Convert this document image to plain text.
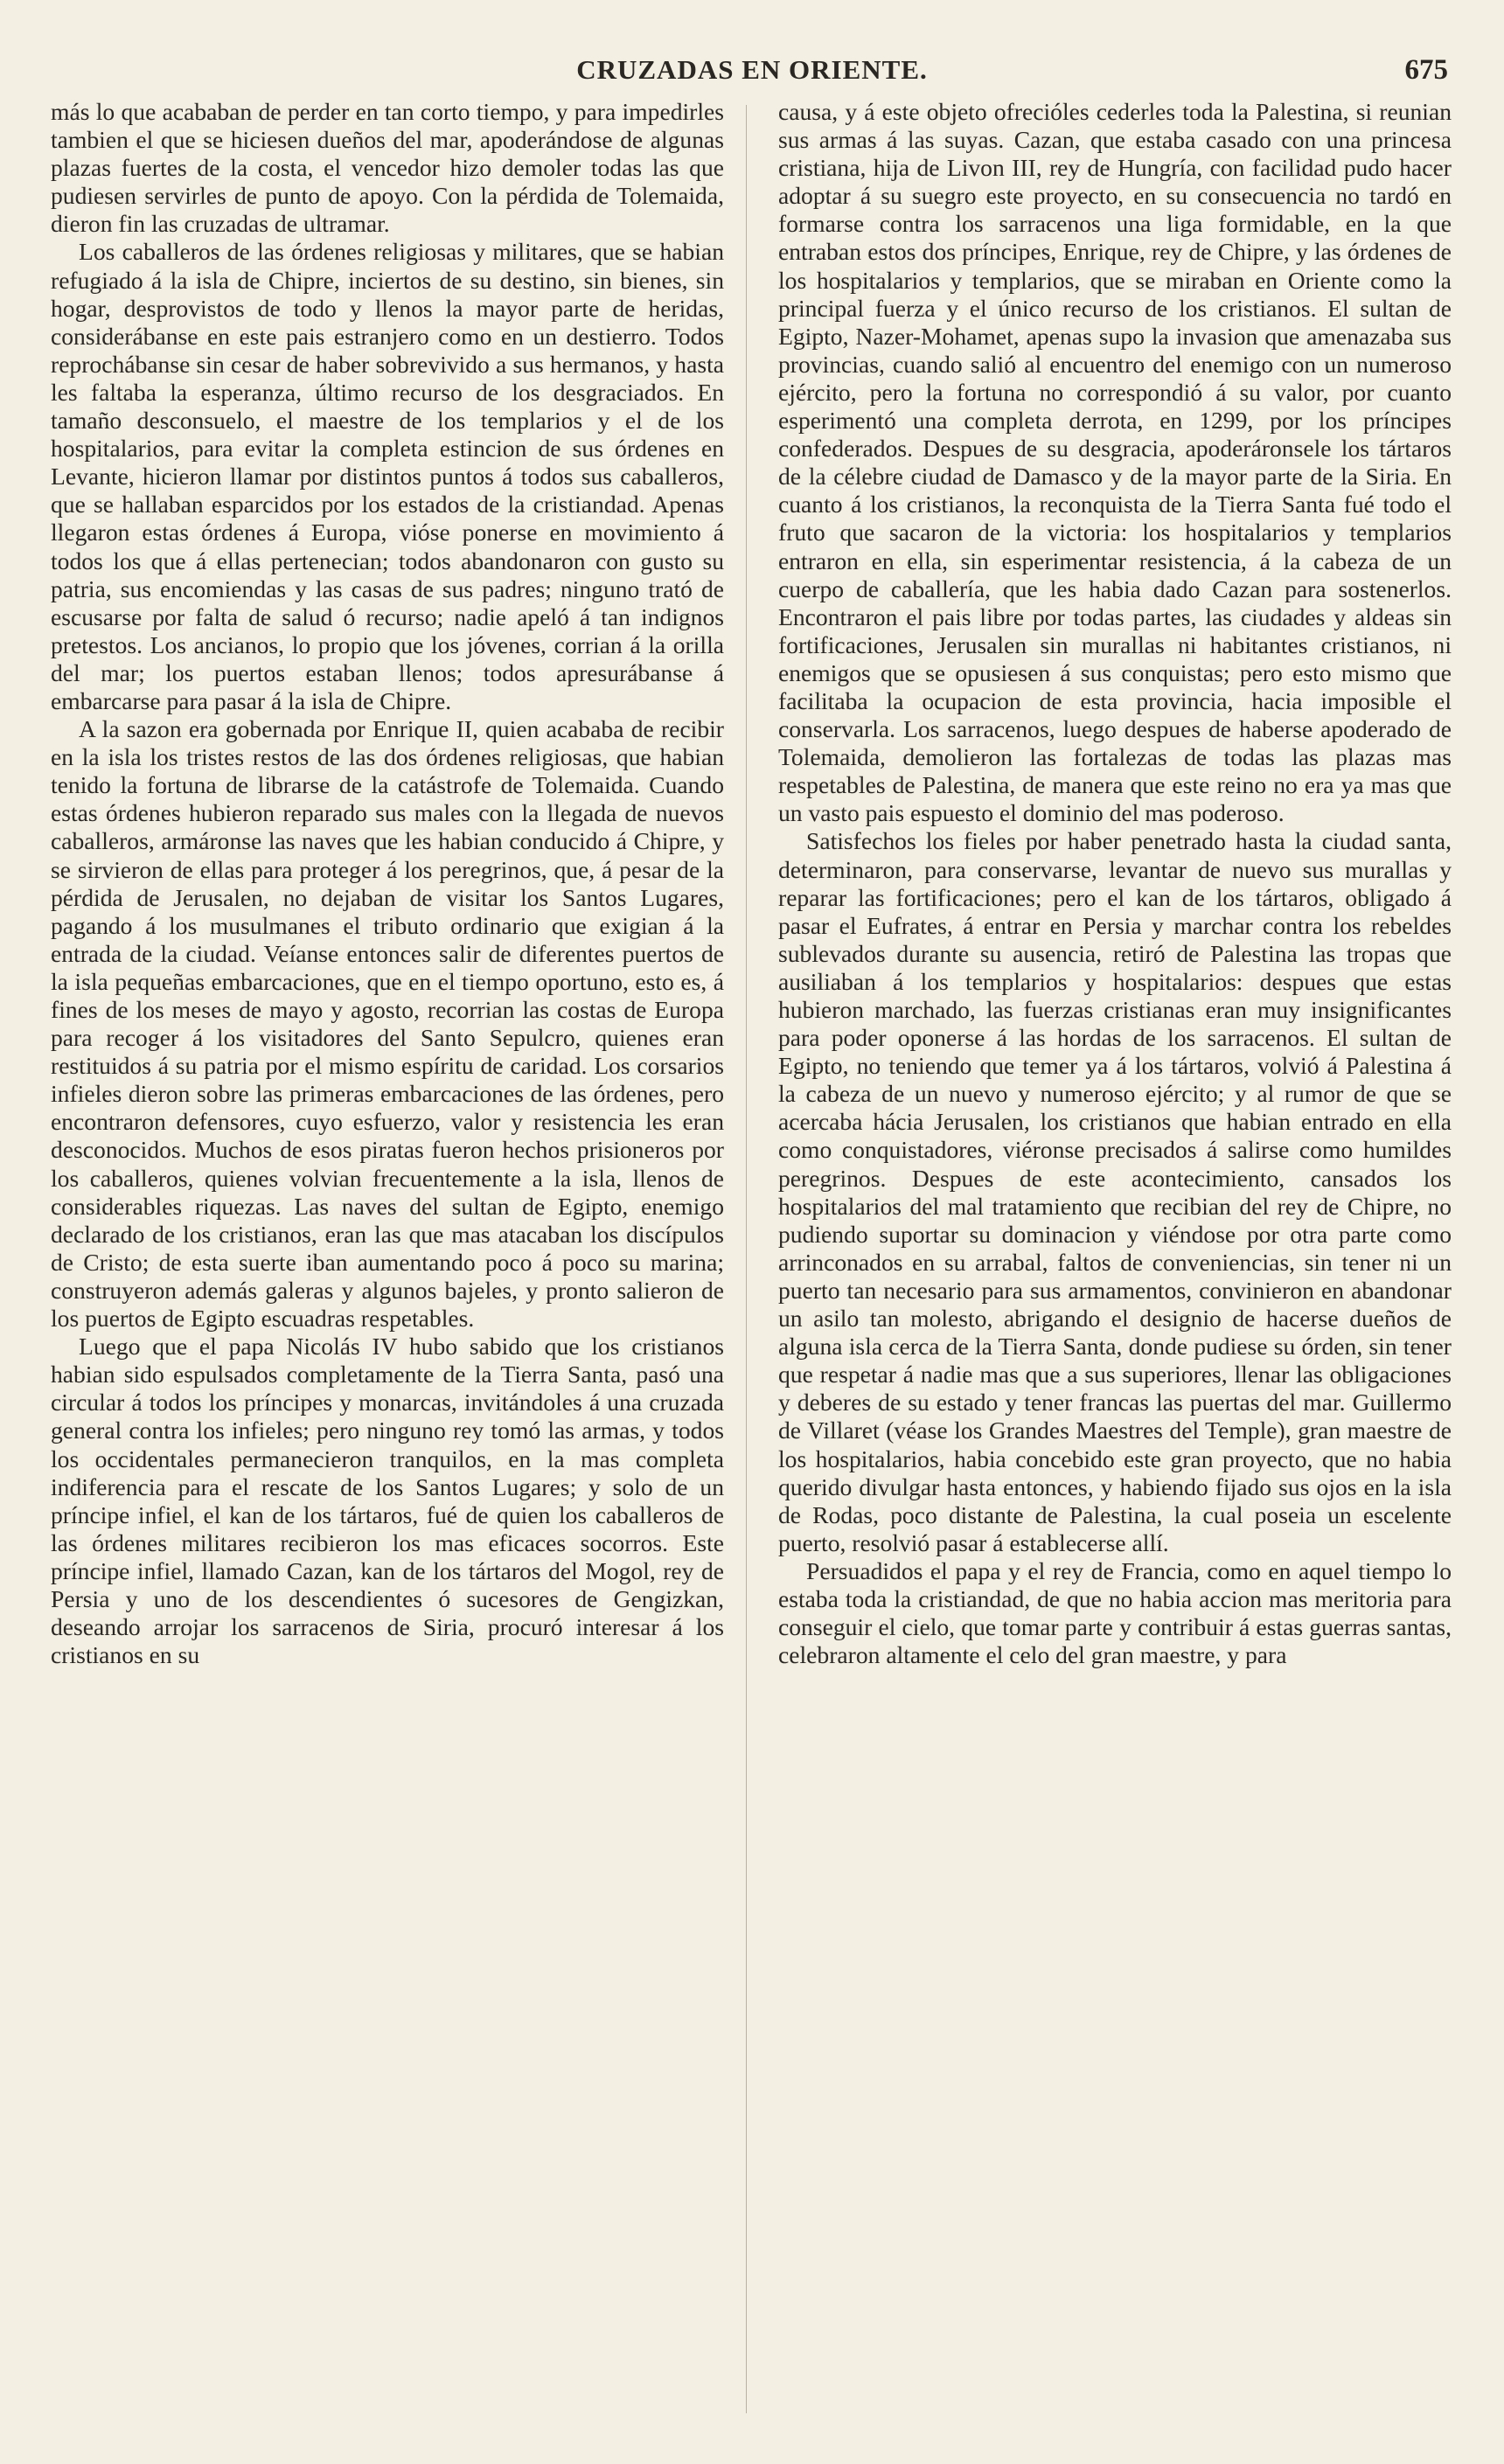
CRUZADAS EN ORIENTE.	675

más lo que acababan de perder en tan corto tiempo, y para impedirles tambien el que se hiciesen dueños del mar, apoderándose de algunas plazas fuertes de la costa, el vencedor hizo demoler todas las que pudiesen servirles de punto de apoyo. Con la pérdida de Tolemaida, dieron fin las cruzadas de ultramar.

Los caballeros de las órdenes religiosas y militares, que se habian refugiado á la isla de Chipre, inciertos de su destino, sin bienes, sin hogar, desprovistos de todo y llenos la mayor parte de heridas, considerábanse en este pais estranjero como en un destierro. Todos reprochábanse sin cesar de haber sobrevivido a sus hermanos, y hasta les faltaba la esperanza, último recurso de los desgraciados. En tamaño desconsuelo, el maestre de los templarios y el de los hospitalarios, para evitar la completa estincion de sus órdenes en Levante, hicieron llamar por distintos puntos á todos sus caballeros, que se hallaban esparcidos por los estados de la cristiandad. Apenas llegaron estas órdenes á Europa, vióse ponerse en movimiento á todos los que á ellas pertenecian; todos abandonaron con gusto su patria, sus encomiendas y las casas de sus padres; ninguno trató de escusarse por falta de salud ó recurso; nadie apeló á tan indignos pretestos. Los ancianos, lo propio que los jóvenes, corrian á la orilla del mar; los puertos estaban llenos; todos apresurábanse á embarcarse para pasar á la isla de Chipre.

A la sazon era gobernada por Enrique II, quien acababa de recibir en la isla los tristes restos de las dos órdenes religiosas, que habian tenido la fortuna de librarse de la catástrofe de Tolemaida. Cuando estas órdenes hubieron reparado sus males con la llegada de nuevos caballeros, armáronse las naves que les habian conducido á Chipre, y se sirvieron de ellas para proteger á los peregrinos, que, á pesar de la pérdida de Jerusalen, no dejaban de visitar los Santos Lugares, pagando á los musulmanes el tributo ordinario que exigian á la entrada de la ciudad. Veíanse entonces salir de diferentes puertos de la isla pequeñas embarcaciones, que en el tiempo oportuno, esto es, á fines de los meses de mayo y agosto, recorrian las costas de Europa para recoger á los visitadores del Santo Sepulcro, quienes eran restituidos á su patria por el mismo espíritu de caridad. Los corsarios infieles dieron sobre las primeras embarcaciones de las órdenes, pero encontraron defensores, cuyo esfuerzo, valor y resistencia les eran desconocidos. Muchos de esos piratas fueron hechos prisioneros por los caballeros, quienes volvian frecuentemente a la isla, llenos de considerables riquezas. Las naves del sultan de Egipto, enemigo declarado de los cristianos, eran las que mas atacaban los discípulos de Cristo; de esta suerte iban aumentando poco á poco su marina; construyeron además galeras y algunos bajeles, y pronto salieron de los puertos de Egipto escuadras respetables.

Luego que el papa Nicolás IV hubo sabido que los cristianos habian sido espulsados completamente de la Tierra Santa, pasó una circular á todos los príncipes y monarcas, invitándoles á una cruzada general contra los infieles; pero ninguno rey tomó las armas, y todos los occidentales permanecieron tranquilos, en la mas completa indiferencia para el rescate de los Santos Lugares; y solo de un príncipe infiel, el kan de los tártaros, fué de quien los caballeros de las órdenes militares recibieron los mas eficaces socorros. Este príncipe infiel, llamado Cazan, kan de los tártaros del Mogol, rey de Persia y uno de los descendientes ó sucesores de Gengizkan, deseando arrojar los sarracenos de Siria, procuró interesar á los cristianos en su

causa, y á este objeto ofrecióles cederles toda la Palestina, si reunian sus armas á las suyas. Cazan, que estaba casado con una princesa cristiana, hija de Livon III, rey de Hungría, con facilidad pudo hacer adoptar á su suegro este proyecto, en su consecuencia no tardó en formarse contra los sarracenos una liga formidable, en la que entraban estos dos príncipes, Enrique, rey de Chipre, y las órdenes de los hospitalarios y templarios, que se miraban en Oriente como la principal fuerza y el único recurso de los cristianos. El sultan de Egipto, Nazer-Mohamet, apenas supo la invasion que amenazaba sus provincias, cuando salió al encuentro del enemigo con un numeroso ejército, pero la fortuna no correspondió á su valor, por cuanto esperimentó una completa derrota, en 1299, por los príncipes confederados. Despues de su desgracia, apoderáronsele los tártaros de la célebre ciudad de Damasco y de la mayor parte de la Siria. En cuanto á los cristianos, la reconquista de la Tierra Santa fué todo el fruto que sacaron de la victoria: los hospitalarios y templarios entraron en ella, sin esperimentar resistencia, á la cabeza de un cuerpo de caballería, que les habia dado Cazan para sostenerlos. Encontraron el pais libre por todas partes, las ciudades y aldeas sin fortificaciones, Jerusalen sin murallas ni habitantes cristianos, ni enemigos que se opusiesen á sus conquistas; pero esto mismo que facilitaba la ocupacion de esta provincia, hacia imposible el conservarla. Los sarracenos, luego despues de haberse apoderado de Tolemaida, demolieron las fortalezas de todas las plazas mas respetables de Palestina, de manera que este reino no era ya mas que un vasto pais espuesto el dominio del mas poderoso.

Satisfechos los fieles por haber penetrado hasta la ciudad santa, determinaron, para conservarse, levantar de nuevo sus murallas y reparar las fortificaciones; pero el kan de los tártaros, obligado á pasar el Eufrates, á entrar en Persia y marchar contra los rebeldes sublevados durante su ausencia, retiró de Palestina las tropas que ausiliaban á los templarios y hospitalarios: despues que estas hubieron marchado, las fuerzas cristianas eran muy insignificantes para poder oponerse á las hordas de los sarracenos. El sultan de Egipto, no teniendo que temer ya á los tártaros, volvió á Palestina á la cabeza de un nuevo y numeroso ejército; y al rumor de que se acercaba hácia Jerusalen, los cristianos que habian entrado en ella como conquistadores, viéronse precisados á salirse como humildes peregrinos. Despues de este acontecimiento, cansados los hospitalarios del mal tratamiento que recibian del rey de Chipre, no pudiendo suportar su dominacion y viéndose por otra parte como arrinconados en su arrabal, faltos de conveniencias, sin tener ni un puerto tan necesario para sus armamentos, convinieron en abandonar un asilo tan molesto, abrigando el designio de hacerse dueños de alguna isla cerca de la Tierra Santa, donde pudiese su órden, sin tener que respetar á nadie mas que a sus superiores, llenar las obligaciones y deberes de su estado y tener francas las puertas del mar. Guillermo de Villaret (véase los Grandes Maestres del Temple), gran maestre de los hospitalarios, habia concebido este gran proyecto, que no habia querido divulgar hasta entonces, y habiendo fijado sus ojos en la isla de Rodas, poco distante de Palestina, la cual poseia un escelente puerto, resolvió pasar á establecerse allí.

Persuadidos el papa y el rey de Francia, como en aquel tiempo lo estaba toda la cristiandad, de que no habia accion mas meritoria para conseguir el cielo, que tomar parte y contribuir á estas guerras santas, celebraron altamente el celo del gran maestre, y para
